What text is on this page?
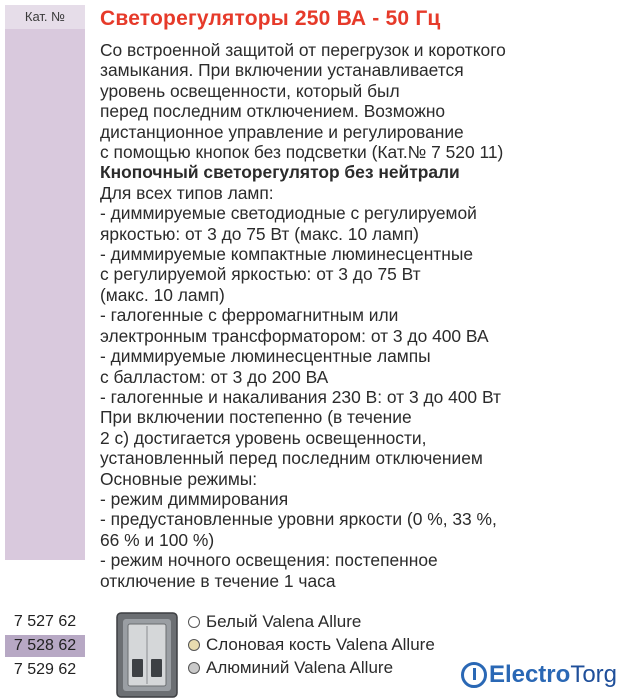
Кат. №
7 527 62
7 528 62
7 529 62
Светорегуляторы 250 ВА - 50 Гц
Со встроенной защитой от перегрузок и короткого
замыкания. При включении устанавливается
уровень освещенности, который был
перед последним отключением. Возможно
дистанционное управление и регулирование
с помощью кнопок без подсветки (Кат.№ 7 520 11)
Кнопочный светорегулятор без нейтрали
Для всех типов ламп:
- диммируемые светодиодные с регулируемой
яркостью: от 3 до 75 Вт (макс. 10 ламп)
- диммируемые компактные люминесцентные
с регулируемой яркостью: от 3 до 75 Вт
(макс. 10 ламп)
- галогенные с ферромагнитным или
электронным трансформатором: от 3 до 400 ВА
- диммируемые люминесцентные лампы
с балластом: от 3 до 200 ВА
- галогенные и накаливания 230 В: от 3 до 400 Вт
При включении постепенно (в течение
2 с) достигается уровень освещенности,
установленный перед последним отключением
Основные режимы:
- режим диммирования
- предустановленные уровни яркости (0 %, 33 %,
66 % и 100 %)
- режим ночного освещения: постепенное
отключение в течение 1 часа
Белый Valena Allure
Слоновая кость Valena Allure
Алюминий Valena Allure	Electro Torg
